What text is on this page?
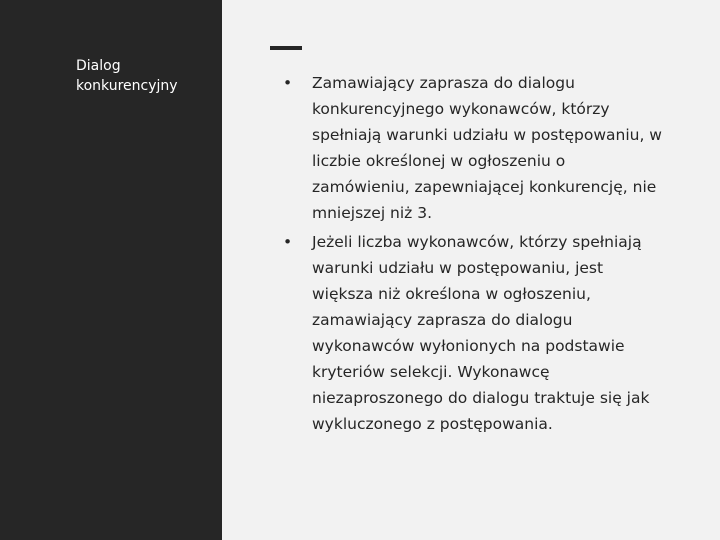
Dialog
konkurencyjny	• Zamawiający zaprasza do dialogu konkurencyjnego wykonawców, którzy spełniają warunki udziału w postępowaniu, w liczbie określonej w ogłoszeniu o zamówieniu, zapewniającej konkurencję, nie mniejszej niż 3.
• Jeżeli liczba wykonawców, którzy spełniają warunki udziału w postępowaniu, jest większa niż określona w ogłoszeniu, zamawiający zaprasza do dialogu wykonawców wyłonionych na podstawie kryteriów selekcji. Wykonawcę niezaproszonego do dialogu traktuje się jak wykluczonego z postępowania.
